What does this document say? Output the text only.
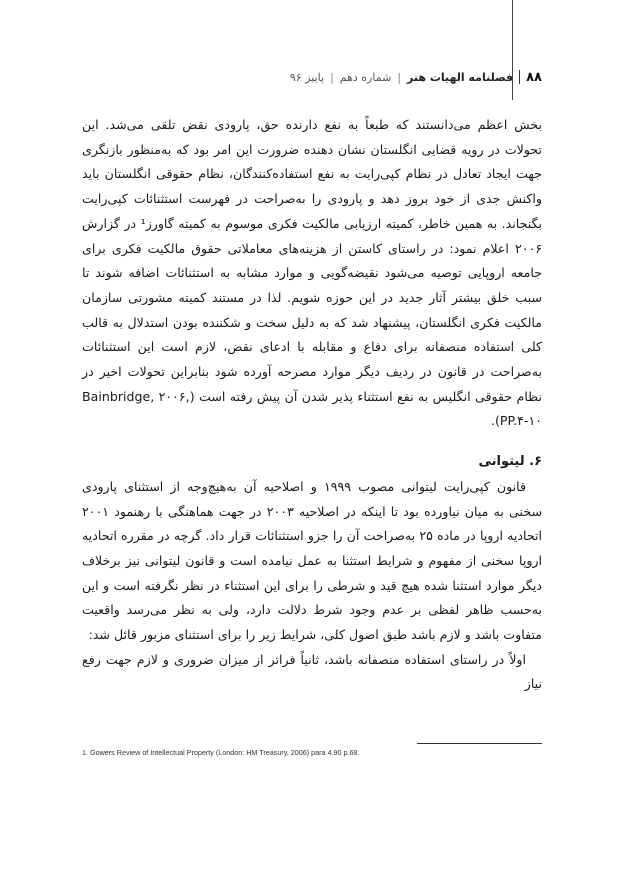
۸۸
فصلنامه الهیات هنر
|
شماره دهم
|
پاییز ۹۶

بخش اعظم می‌دانستند که طبعاً به نفع دارنده حق، پارودی نقض تلقی می‌شد. این تحولات در رویه قضایی انگلستان نشان دهنده ضرورت این امر بود که به‌منظور بازنگری جهت ایجاد تعادل در نظام کپی‌رایت به نفع استفاده‌کنندگان، نظام حقوقی انگلستان باید واکنش جدی از خود بروز دهد و پارودی را به‌صراحت در فهرست استثنائات کپی‌رایت بگنجاند. به همین خاطر، کمیته ارزیابی مالکیت فکری موسوم به کمیته گاورز¹ در گزارش ۲۰۰۶ اعلام نمود: در راستای کاستن از هزینه‌های معاملاتی حقوق مالکیت فکری برای جامعه اروپایی توصیه می‌شود نقیضه‌گویی و موارد مشابه به استثنائات اضافه شوند تا سبب خلق بیشتر آثار جدید در این حوزه شویم. لذا در مستند کمیته مشورتی سازمان مالکیت فکری انگلستان، پیشنهاد شد که به دلیل سخت و شکننده بودن استدلال به قالب کلی استفاده منصفانه برای دفاع و مقابله با ادعای نقض، لازم است این استثنائات به‌صراحت در قانون در ردیف دیگر موارد مصرحه آورده شود بنابراین تحولات اخیر در نظام حقوقی انگلیس به نفع استثناء پذیر شدن آن پیش رفته است (Bainbridge, ۲۰۰۶, PP.۴-۱۰).

۶. لیتوانی

قانون کپی‌رایت لیتوانی مصوب ۱۹۹۹ و اصلاحیه آن به‌هیچ‌وجه از استثنای پارودی سخنی به میان نیاورده بود تا اینکه در اصلاحیه ۲۰۰۳ در جهت هماهنگی با رهنمود ۲۰۰۱ اتحادیه اروپا در ماده ۲۵ به‌صراحت آن را جزو استثنائات قرار داد. گرچه در مقرره اتحادیه اروپا سخنی از مفهوم و شرایط استثنا به عمل نیامده است و قانون لیتوانی نیز برخلاف دیگر موارد استثنا شده هیچ قید و شرطی را برای این استثناء در نظر نگرفته است و این به‌حسب ظاهر لفظی بر عدم وجود شرط دلالت دارد، ولی به نظر می‌رسد واقعیت متفاوت باشد و لازم باشد طبق اصول کلی، شرایط زیر را برای استثنای مزبور قائل شد:

اولاً در راستای استفاده منصفانه باشد، ثانیاً فراتر از میزان ضروری و لازم جهت رفع نیاز

1. Gowers Review of Intellectual Property (London: HM Treasury, 2006) para 4.90 p.68.
